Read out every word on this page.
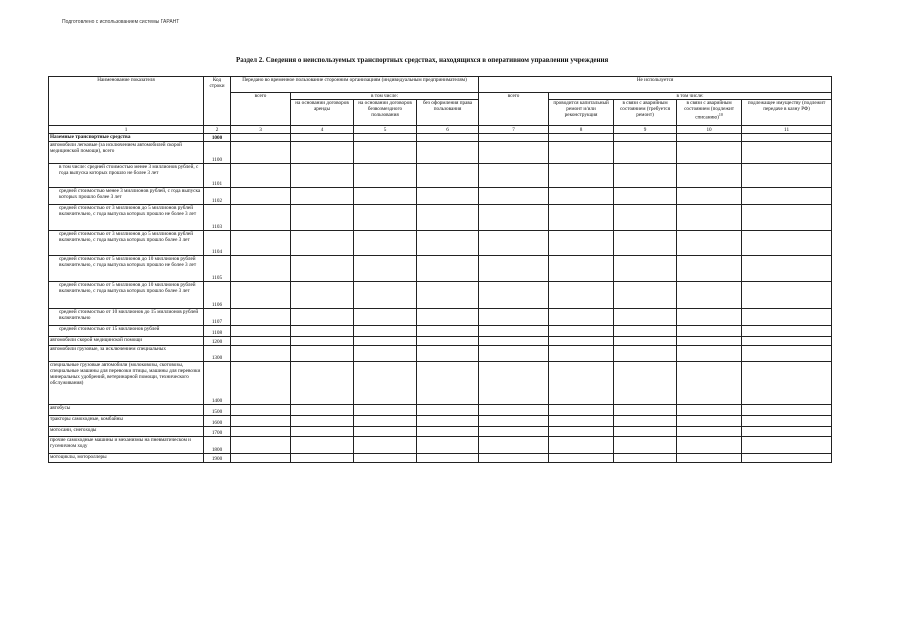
Подготовлено с использованием системы ГАРАНТ
Раздел 2. Сведения о неиспользуемых транспортных средствах, находящихся в оперативном управлении учреждения
Наименование показателя	Код строки	Передано во временное пользование сторонним организациям (индивидуальным предпринимателям)				Не используется				
		всего	в том числе:			всего	в том числе:			
			на основании договоров аренды	на основании договоров безвозмездного пользования	без оформления права пользования		проводится капитальный ремонт и/или реконструкция	в связи с аварийным состоянием (требуется ремонт)	в связи с аварийным состоянием (подлежит списанию)$^{10}$	подлежащее имуществу (подлежит передаче в казну РФ)
1	2	3	4	5	6	7	8	9	10	11
Наземные транспортные средства	1000									
автомобили легковые (за исключением автомобилей скорой медицинской помощи), всего	1100									
в том числе: средней стоимостью менее 3 миллионов рублей, с года выпуска которых прошло не более 3 лет	1101									
средней стоимостью менее 3 миллионов рублей, с года выпуска которых прошло более 3 лет	1102									
средней стоимостью от 3 миллионов до 5 миллионов рублей включительно, с года выпуска которых прошло не более 3 лет	1103									
средней стоимостью от 3 миллионов до 5 миллионов рублей включительно, с года выпуска которых прошло более 3 лет	1104									
средней стоимостью от 5 миллионов до 10 миллионов рублей включительно, с года выпуска которых прошло не более 3 лет	1105									
средней стоимостью от 5 миллионов до 10 миллионов рублей включительно, с года выпуска которых прошло более 3 лет	1106									
средней стоимостью от 10 миллионов до 15 миллионов рублей включительно	1107									
средней стоимостью от 15 миллионов рублей	1108									
автомобили скорой медицинской помощи	1200									
автомобили грузовые, за исключением специальных	1300									
специальные грузовые автомобили (молоковозы, скотовозы, специальные машины для перевозки птицы, машины для перевозки минеральных удобрений, ветеринарной помощи, технического обслуживания)	1400									
автобусы	1500									
тракторы самоходные, комбайны	1600									
мотосани, снегоходы	1700									
прочие самоходные машины и механизмы на пневматическом и гусеничном ходу	1800									
мотоциклы, мотороллеры	1900									
